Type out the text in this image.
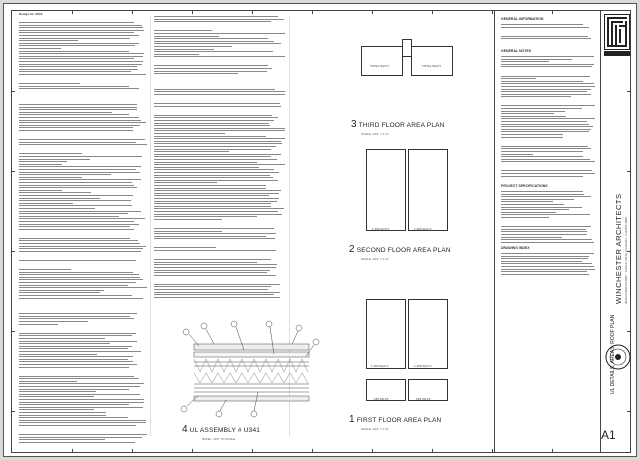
Design for: 2019
4 UL ASSEMBLY # U341
NONE - NOT TO SCALE
TOTAL SQ.FT.	TOTAL SQ.FT.
3 THIRD FLOOR AREA PLAN
SCALE: 1/16" = 1'-0"
1,150 SQ.FT.	1,150 SQ.FT.
2 SECOND FLOOR AREA PLAN
SCALE: 1/16" = 1'-0"
1,150 SQ.FT.	1,150 SQ.FT.
155 SQ.FT.	155 SQ.FT.
1 FIRST FLOOR AREA PLAN
SCALE: 1/16" = 1'-0"
GENERAL INFORMATION
GENERAL NOTES
PROJECT SPECIFICATIONS
DRAWING INDEX	WINCHESTER ARCHITECTS 4026 DUNSTAN WAY · CHULA VISTA, CA 91913 · 619.851.1988
UL DETAILS, AREAS, ROOF PLAN
A1
